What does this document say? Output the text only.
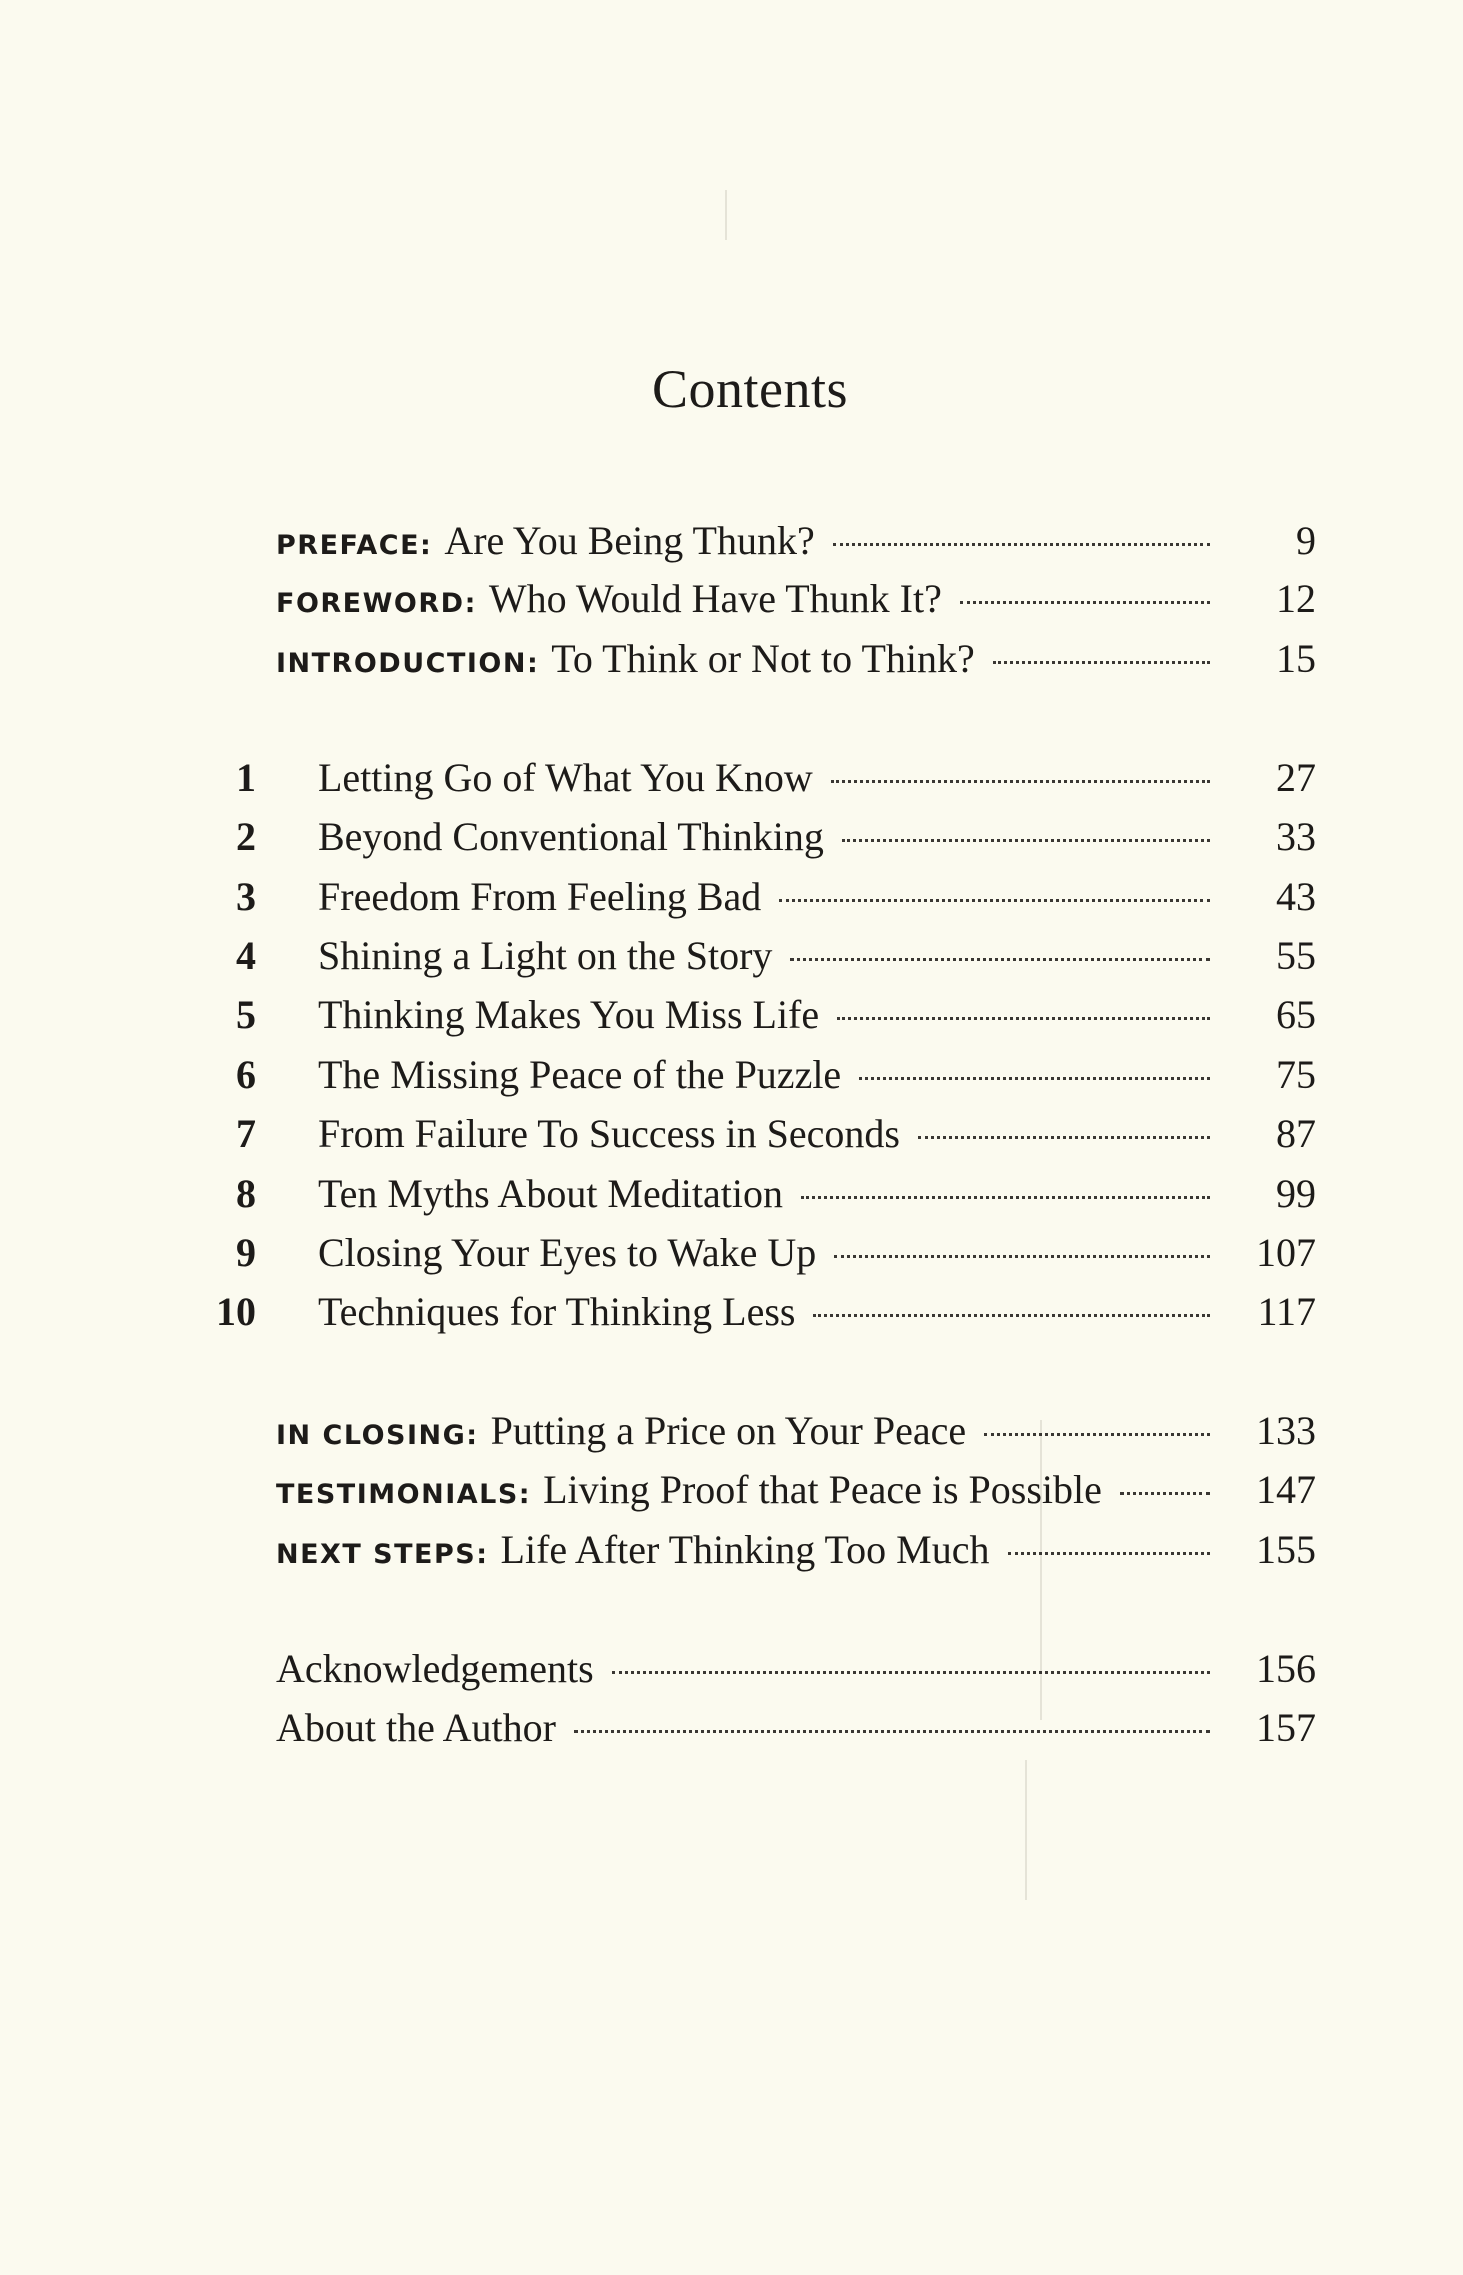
Contents
PREFACE: Are You Being Thunk?	9
FOREWORD: Who Would Have Thunk It?	12
INTRODUCTION: To Think or Not to Think?	15
1 Letting Go of What You Know	27
2 Beyond Conventional Thinking	33
3 Freedom From Feeling Bad	43
4 Shining a Light on the Story	55
5 Thinking Makes You Miss Life	65
6 The Missing Peace of the Puzzle	75
7 From Failure To Success in Seconds	87
8 Ten Myths About Meditation	99
9 Closing Your Eyes to Wake Up	107
10 Techniques for Thinking Less	117
IN CLOSING: Putting a Price on Your Peace	133
TESTIMONIALS: Living Proof that Peace is Possible	147
NEXT STEPS: Life After Thinking Too Much	155
Acknowledgements	156
About the Author	157
